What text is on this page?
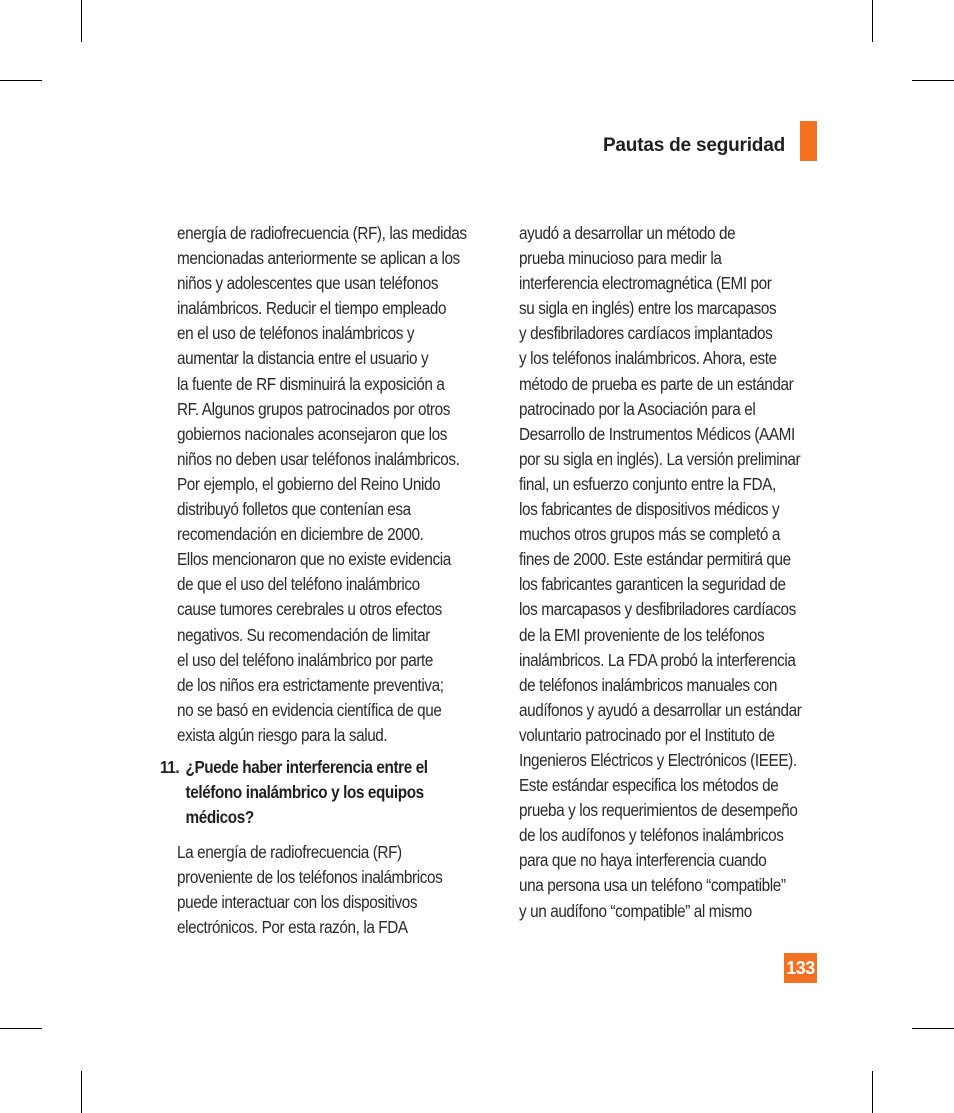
Pautas de seguridad
energía de radiofrecuencia (RF), las medidas
mencionadas anteriormente se aplican a los
niños y adolescentes que usan teléfonos
inalámbricos. Reducir el tiempo empleado
en el uso de teléfonos inalámbricos y
aumentar la distancia entre el usuario y
la fuente de RF disminuirá la exposición a
RF. Algunos grupos patrocinados por otros
gobiernos nacionales aconsejaron que los
niños no deben usar teléfonos inalámbricos.
Por ejemplo, el gobierno del Reino Unido
distribuyó folletos que contenían esa
recomendación en diciembre de 2000.
Ellos mencionaron que no existe evidencia
de que el uso del teléfono inalámbrico
cause tumores cerebrales u otros efectos
negativos. Su recomendación de limitar
el uso del teléfono inalámbrico por parte
de los niños era estrictamente preventiva;
no se basó en evidencia científica de que
exista algún riesgo para la salud.
11. ¿Puede haber interferencia entre el
teléfono inalámbrico y los equipos
médicos?
La energía de radiofrecuencia (RF)
proveniente de los teléfonos inalámbricos
puede interactuar con los dispositivos
electrónicos. Por esta razón, la FDA
ayudó a desarrollar un método de
prueba minucioso para medir la
interferencia electromagnética (EMI por
su sigla en inglés) entre los marcapasos
y desfibriladores cardíacos implantados
y los teléfonos inalámbricos. Ahora, este
método de prueba es parte de un estándar
patrocinado por la Asociación para el
Desarrollo de Instrumentos Médicos (AAMI
por su sigla en inglés). La versión preliminar
final, un esfuerzo conjunto entre la FDA,
los fabricantes de dispositivos médicos y
muchos otros grupos más se completó a
fines de 2000. Este estándar permitirá que
los fabricantes garanticen la seguridad de
los marcapasos y desfibriladores cardíacos
de la EMI proveniente de los teléfonos
inalámbricos. La FDA probó la interferencia
de teléfonos inalámbricos manuales con
audífonos y ayudó a desarrollar un estándar
voluntario patrocinado por el Instituto de
Ingenieros Eléctricos y Electrónicos (IEEE).
Este estándar especifica los métodos de
prueba y los requerimientos de desempeño
de los audífonos y teléfonos inalámbricos
para que no haya interferencia cuando
una persona usa un teléfono “compatible”
y un audífono “compatible” al mismo
133
